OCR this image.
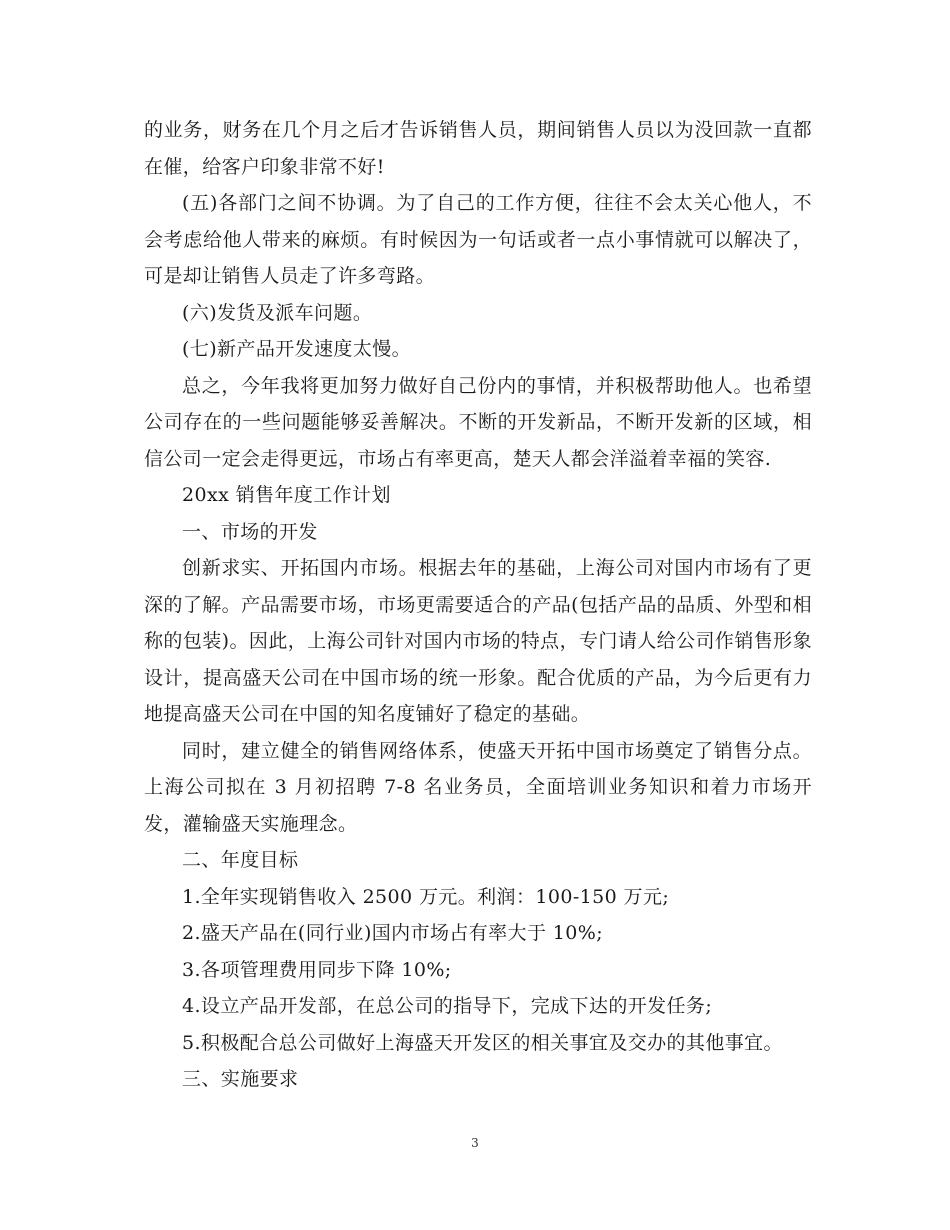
的业务，财务在几个月之后才告诉销售人员，期间销售人员以为没回款一直都在催，给客户印象非常不好!

(五)各部门之间不协调。为了自己的工作方便，往往不会太关心他人，不会考虑给他人带来的麻烦。有时候因为一句话或者一点小事情就可以解决了，可是却让销售人员走了许多弯路。

(六)发货及派车问题。

(七)新产品开发速度太慢。

总之，今年我将更加努力做好自己份内的事情，并积极帮助他人。也希望公司存在的一些问题能够妥善解决。不断的开发新品，不断开发新的区域，相信公司一定会走得更远，市场占有率更高，楚天人都会洋溢着幸福的笑容.

20xx 销售年度工作计划

一、市场的开发

创新求实、开拓国内市场。根据去年的基础，上海公司对国内市场有了更深的了解。产品需要市场，市场更需要适合的产品(包括产品的品质、外型和相称的包装)。因此，上海公司针对国内市场的特点，专门请人给公司作销售形象设计，提高盛天公司在中国市场的统一形象。配合优质的产品，为今后更有力地提高盛天公司在中国的知名度铺好了稳定的基础。

同时，建立健全的销售网络体系，使盛天开拓中国市场奠定了销售分点。上海公司拟在 3 月初招聘 7-8 名业务员，全面培训业务知识和着力市场开发，灌输盛天实施理念。

二、年度目标

1.全年实现销售收入 2500 万元。利润：100-150 万元;

2.盛天产品在(同行业)国内市场占有率大于 10%;

3.各项管理费用同步下降 10%;

4.设立产品开发部，在总公司的指导下，完成下达的开发任务;

5.积极配合总公司做好上海盛天开发区的相关事宜及交办的其他事宜。

三、实施要求

3
